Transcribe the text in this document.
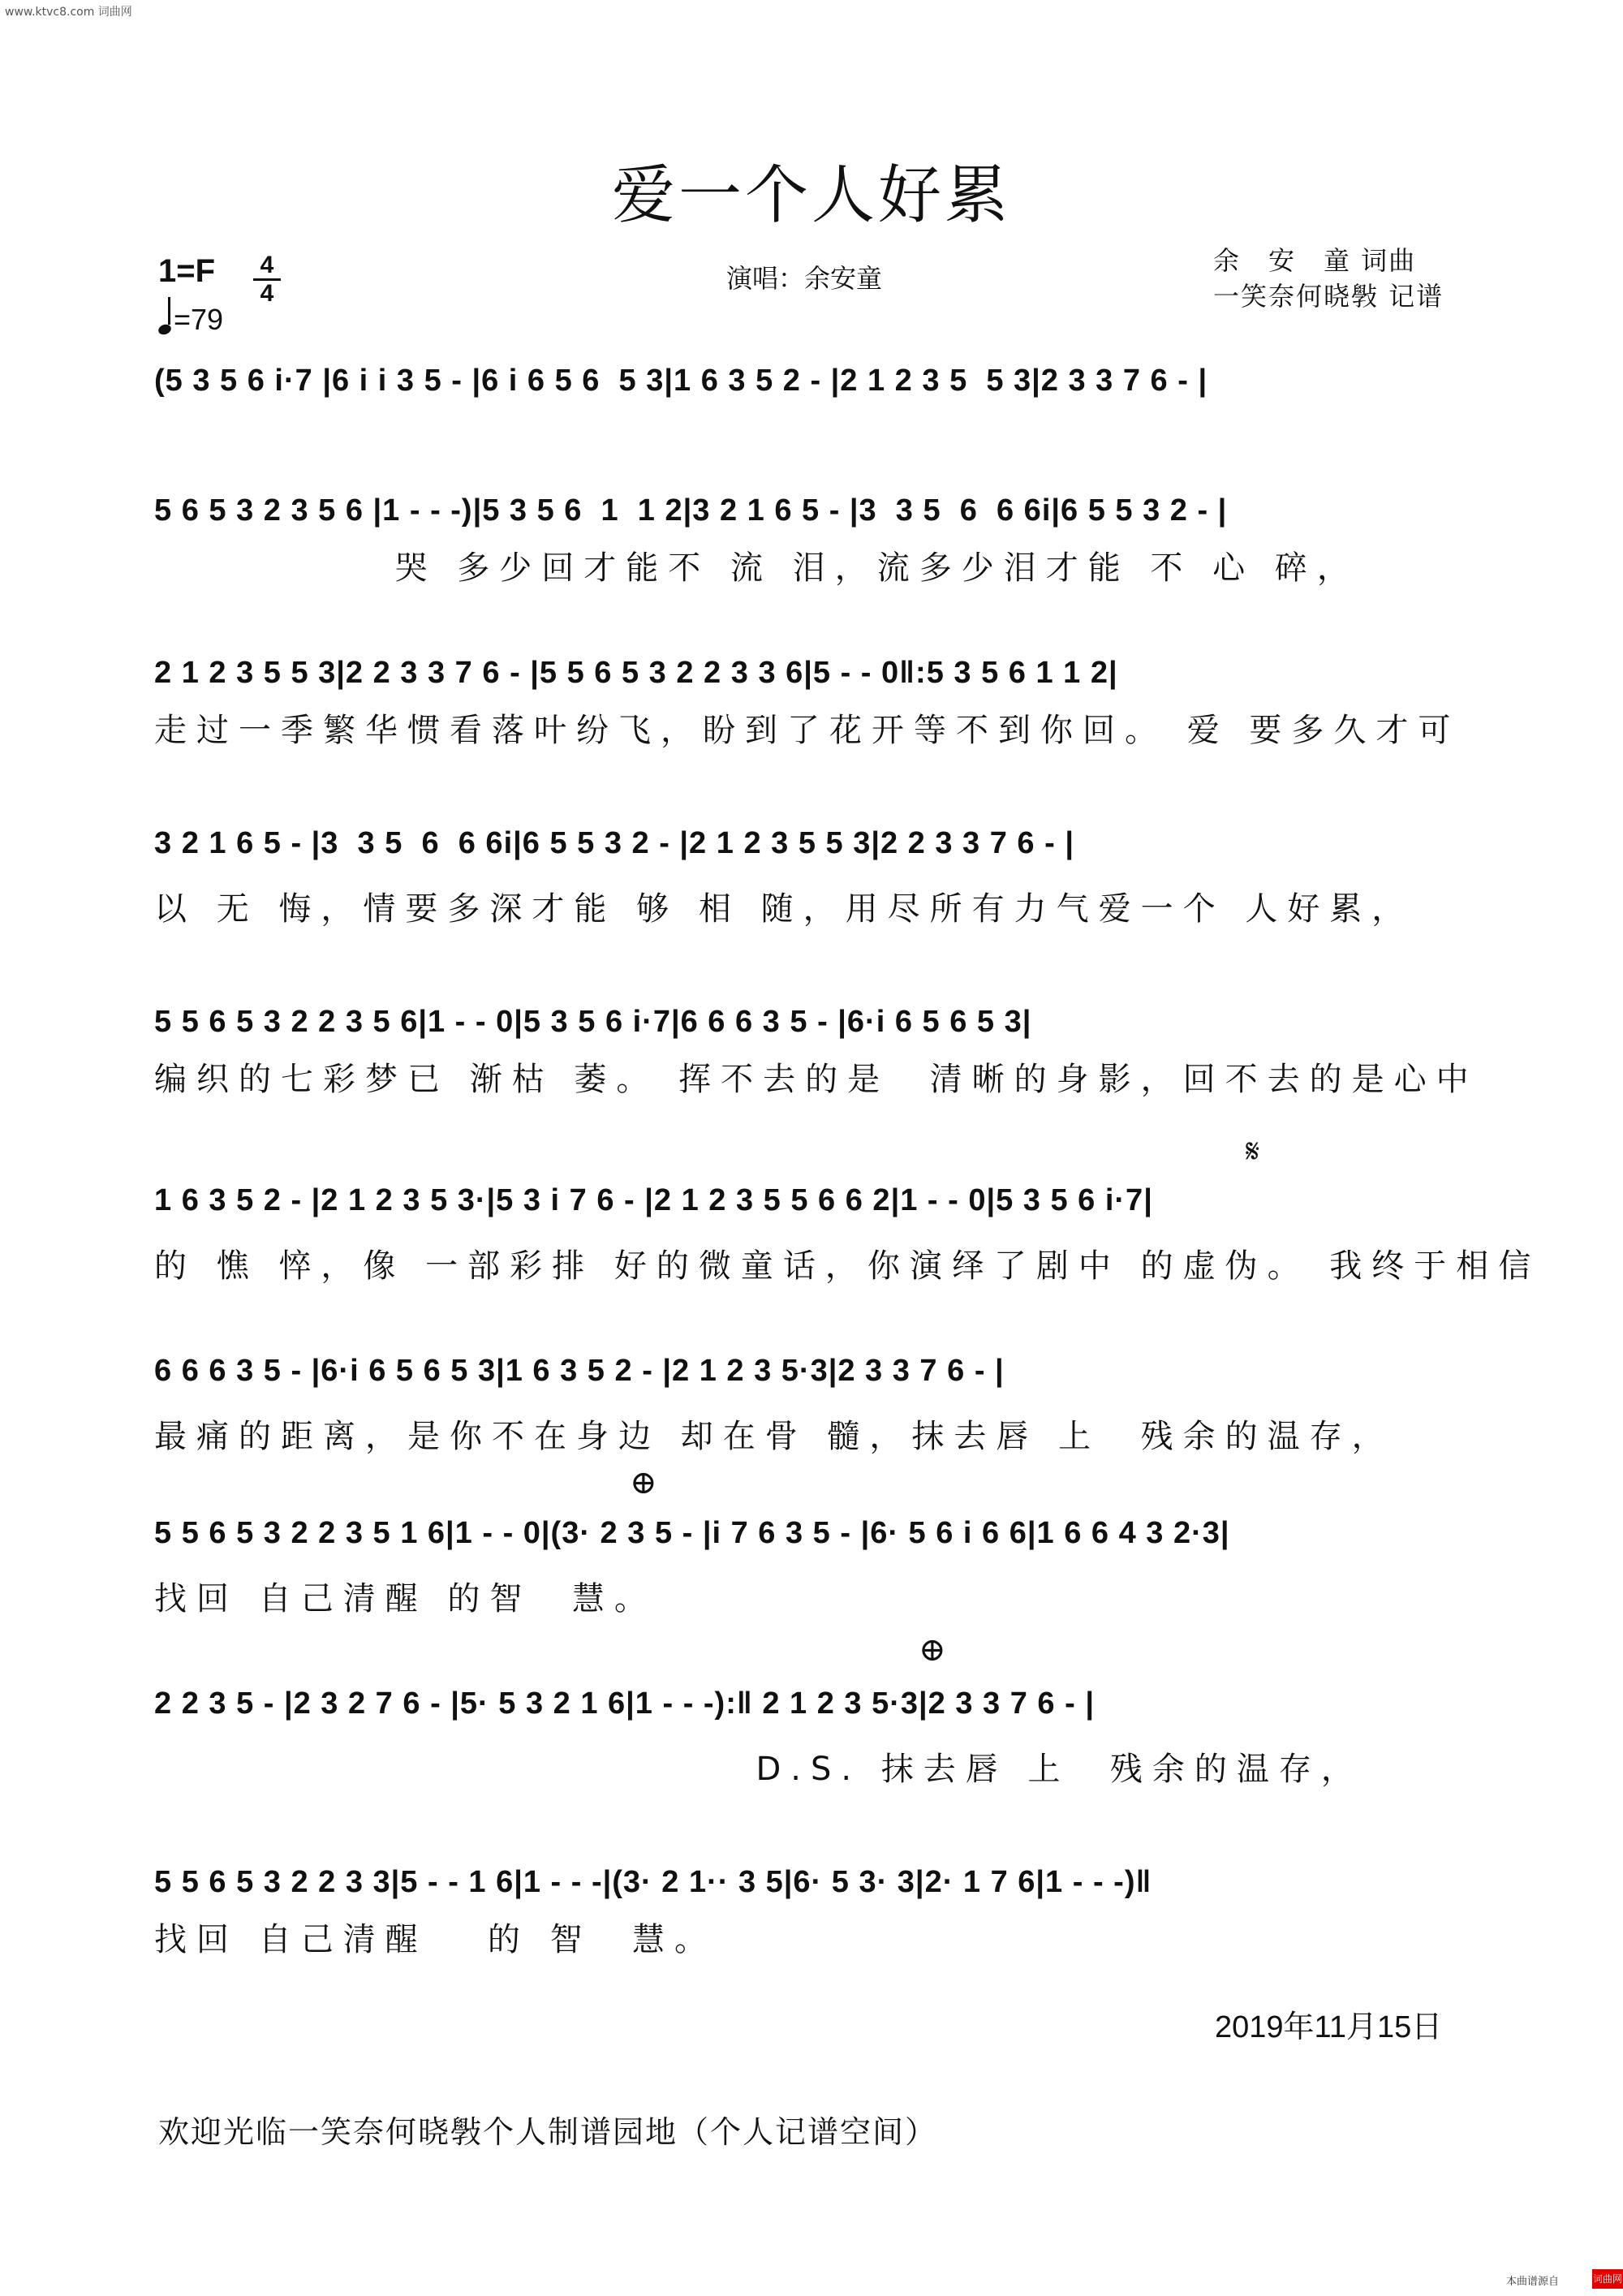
www.ktvc8.com 词曲网
爱一个人好累
1=F 4
4
=79
演唱：余安童
余　安　童 词曲
一笑奈何晓斅 记谱
(5 3 5 6 i·7 |6 i i 3 5 - |6 i 6 5 6  5 3|1 6 3 5 2 - |2 1 2 3 5  5 3|2 3 3 7 6 - |
5 6 5 3 2 3 5 6 |1 - - -)|5 3 5 6  1  1 2|3 2 1 6 5 - |3  3 5  6  6 6i|6 5 5 3 2 - |
哭 多少回才能不 流 泪，流多少泪才能 不 心 碎，
2 1 2 3 5 5 3|2 2 3 3 7 6 - |5 5 6 5 3 2 2 3 3 6|5 - - 0‖:5 3 5 6 1 1 2|
走过一季繁华惯看落叶纷飞，盼到了花开等不到你回。 爱 要多久才可
3 2 1 6 5 - |3  3 5  6  6 6i|6 5 5 3 2 - |2 1 2 3 5 5 3|2 2 3 3 7 6 - |
以 无 悔，情要多深才能 够 相 随，用尽所有力气爱一个 人好累，
5 5 6 5 3 2 2 3 5 6|1 - - 0|5 3 5 6 i·7|6 6 6 3 5 - |6·i 6 5 6 5 3|
编织的七彩梦已 渐枯 萎。 挥不去的是  清晰的身影，回不去的是心中
𝄋
1 6 3 5 2 - |2 1 2 3 5 3·|5 3 i 7 6 - |2 1 2 3 5 5 6 6 2|1 - - 0|5 3 5 6 i·7|
的 憔 悴，像 一部彩排 好的微童话，你演绎了剧中 的虚伪。 我终于相信
6 6 6 3 5 - |6·i 6 5 6 5 3|1 6 3 5 2 - |2 1 2 3 5·3|2 3 3 7 6 - |
最痛的距离，是你不在身边 却在骨 髓，抹去唇 上  残余的温存，
⊕
5 5 6 5 3 2 2 3 5 1 6|1 - - 0|(3· 2 3 5 - |i 7 6 3 5 - |6· 5 6 i 6 6|1 6 6 4 3 2·3|
找回 自己清醒 的智  慧。
⊕
2 2 3 5 - |2 3 2 7 6 - |5· 5 3 2 1 6|1 - - -):‖ 2 1 2 3 5·3|2 3 3 7 6 - |
D.S. 抹去唇 上  残余的温存，
5 5 6 5 3 2 2 3 3|5 - - 1 6|1 - - -|(3· 2 1·· 3 5|6· 5 3· 3|2· 1 7 6|1 - - -)‖
找回 自己清醒   的 智  慧。
2019年11月15日
欢迎光临一笑奈何晓斅个人制谱园地（个人记谱空间）
本曲谱源自	词曲网
